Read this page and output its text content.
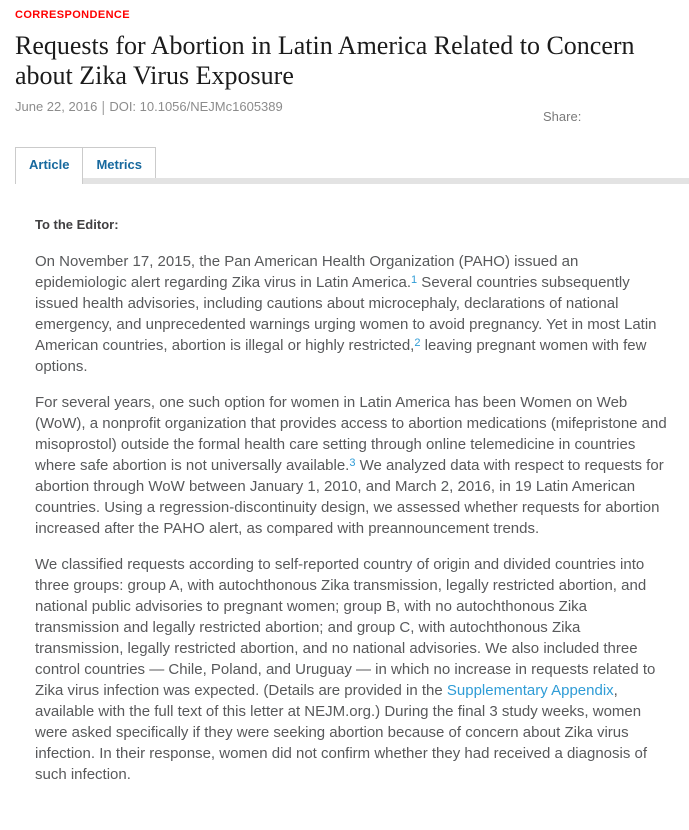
CORRESPONDENCE
Requests for Abortion in Latin America Related to Concern
about Zika Virus Exposure
June 22, 2016 | DOI: 10.1056/NEJMc1605389
Share:
Article	Metrics

To the Editor:

On November 17, 2015, the Pan American Health Organization (PAHO) issued an epidemiologic alert regarding Zika virus in Latin America.$^1$ Several countries subsequently issued health advisories, including cautions about microcephaly, declarations of national emergency, and unprecedented warnings urging women to avoid pregnancy. Yet in most Latin American countries, abortion is illegal or highly restricted,$^2$ leaving pregnant women with few options.

For several years, one such option for women in Latin America has been Women on Web (WoW), a nonprofit organization that provides access to abortion medications (mifepristone and misoprostol) outside the formal health care setting through online telemedicine in countries where safe abortion is not universally available.$^3$ We analyzed data with respect to requests for abortion through WoW between January 1, 2010, and March 2, 2016, in 19 Latin American countries. Using a regression-discontinuity design, we assessed whether requests for abortion increased after the PAHO alert, as compared with preannouncement trends.

We classified requests according to self-reported country of origin and divided countries into three groups: group A, with autochthonous Zika transmission, legally restricted abortion, and national public advisories to pregnant women; group B, with no autochthonous Zika transmission and legally restricted abortion; and group C, with autochthonous Zika transmission, legally restricted abortion, and no national advisories. We also included three control countries — Chile, Poland, and Uruguay — in which no increase in requests related to Zika virus infection was expected. (Details are provided in the Supplementary Appendix, available with the full text of this letter at NEJM.org.) During the final 3 study weeks, women were asked specifically if they were seeking abortion because of concern about Zika virus infection. In their response, women did not confirm whether they had received a diagnosis of such infection.
